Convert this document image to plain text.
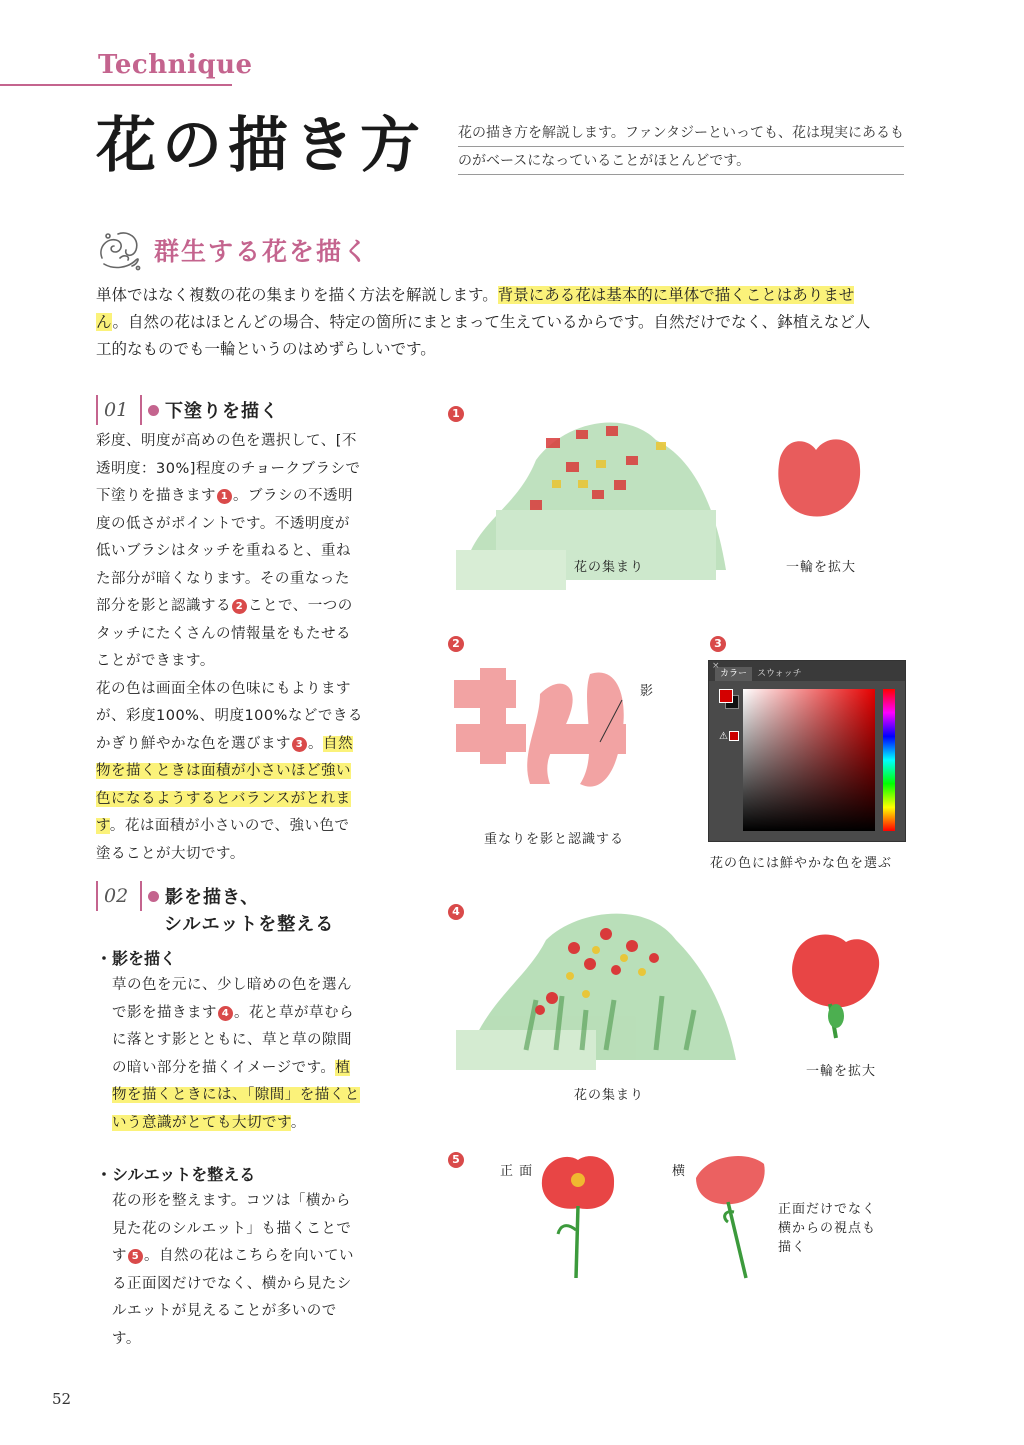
Technique
花の描き方 花の描き方を解説します。ファンタジーといっても、花は現実にあるも
のがベースになっていることがほとんどです。
群生する花を描く
単体ではなく複数の花の集まりを描く方法を解説します。背景にある花は基本的に単体で描くことはありませ
ん。自然の花はほとんどの場合、特定の箇所にまとまって生えているからです。自然だけでなく、鉢植えなど人
工的なものでも一輪というのはめずらしいです。
01	下塗りを描く
彩度、明度が高めの色を選択して、[不
透明度：30%]程度のチョークブラシで
下塗りを描きます 1 。ブラシの不透明
度の低さがポイントです。不透明度が
低いブラシはタッチを重ねると、重ね
た部分が暗くなります。その重なった
部分を影と認識する 2 ことで、一つの
タッチにたくさんの情報量をもたせる
ことができます。
花の色は画面全体の色味にもよります
が、彩度100%、明度100%などできる
かぎり鮮やかな色を選びます 3 。自然
物を描くときは面積が小さいほど強い
色になるようするとバランスがとれま
す。花は面積が小さいので、強い色で
塗ることが大切です。
02	影を描き、
シルエットを整える
・影を描く
草の色を元に、少し暗めの色を選ん
で影を描きます 4 。花と草が草むら
に落とす影とともに、草と草の隙間
の暗い部分を描くイメージです。植
物を描くときには、「隙間」を描くと
いう意識がとても大切です。
・シルエットを整える
花の形を整えます。コツは「横から
見た花のシルエット」も描くことで
す 5 。自然の花はこちらを向いてい
る正面図だけでなく、横から見たシ
ルエットが見えることが多いので
す。
1
花の集まり	一輪を拡大
2
影
重なりを影と認識する
3
×
カラー	スウォッチ
⚠
花の色には鮮やかな色を選ぶ
4
花の集まり
一輪を拡大
5
正 面	横
正面だけでなく
横からの視点も
描く
52
